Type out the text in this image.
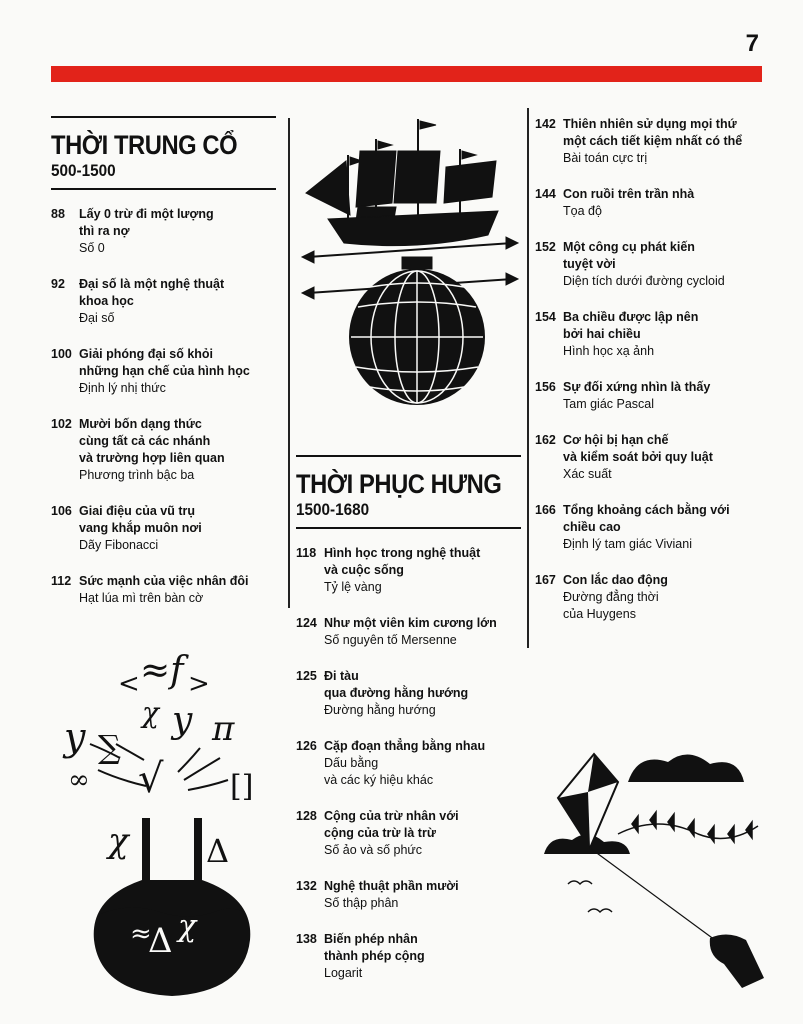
7
THỜI TRUNG CỔ
500-1500
88	Lấy 0 trừ đi một lượng
thì ra nợ
Số 0
92	Đại số là một nghệ thuật
khoa học
Đại số
100 Giải phóng đại số khỏi
những hạn chế của hình học
Định lý nhị thức
102 Mười bốn dạng thức
cùng tất cả các nhánh
và trường hợp liên quan
Phương trình bậc ba
106 Giai điệu của vũ trụ
vang khắp muôn nơi
Dãy Fibonacci
112 Sức mạnh của việc nhân đôi
Hạt lúa mì trên bàn cờ
THỜI PHỤC HƯNG
1500-1680
118 Hình học trong nghệ thuật
và cuộc sống
Tỷ lệ vàng
124 Như một viên kim cương lớn
Số nguyên tố Mersenne
125 Đi tàu
qua đường hằng hướng
Đường hằng hướng
126 Cặp đoạn thẳng bằng nhau
Dấu bằng
và các ký hiệu khác
128 Cộng của trừ nhân với
cộng của trừ là trừ
Số ảo và số phức
132 Nghệ thuật phần mười
Số thập phân
138 Biến phép nhân
thành phép cộng
Logarit
142 Thiên nhiên sử dụng mọi thứ
một cách tiết kiệm nhất có thể
Bài toán cực trị
144 Con ruồi trên trần nhà
Tọa độ
152 Một công cụ phát kiến
tuyệt vời
Diện tích dưới đường cycloid
154 Ba chiều được lập nên
bởi hai chiều
Hình học xạ ảnh
156 Sự đối xứng nhìn là thấy
Tam giác Pascal
162 Cơ hội bị hạn chế
và kiểm soát bởi quy luật
Xác suất
166 Tổng khoảng cách bằng với
chiều cao
Định lý tam giác Viviani
167 Con lắc dao động
Đường đẳng thời
của Huygens
< ≈f >
χ y π
y ∑
√
∞	[]
χ Δ
≈
Δ χ
